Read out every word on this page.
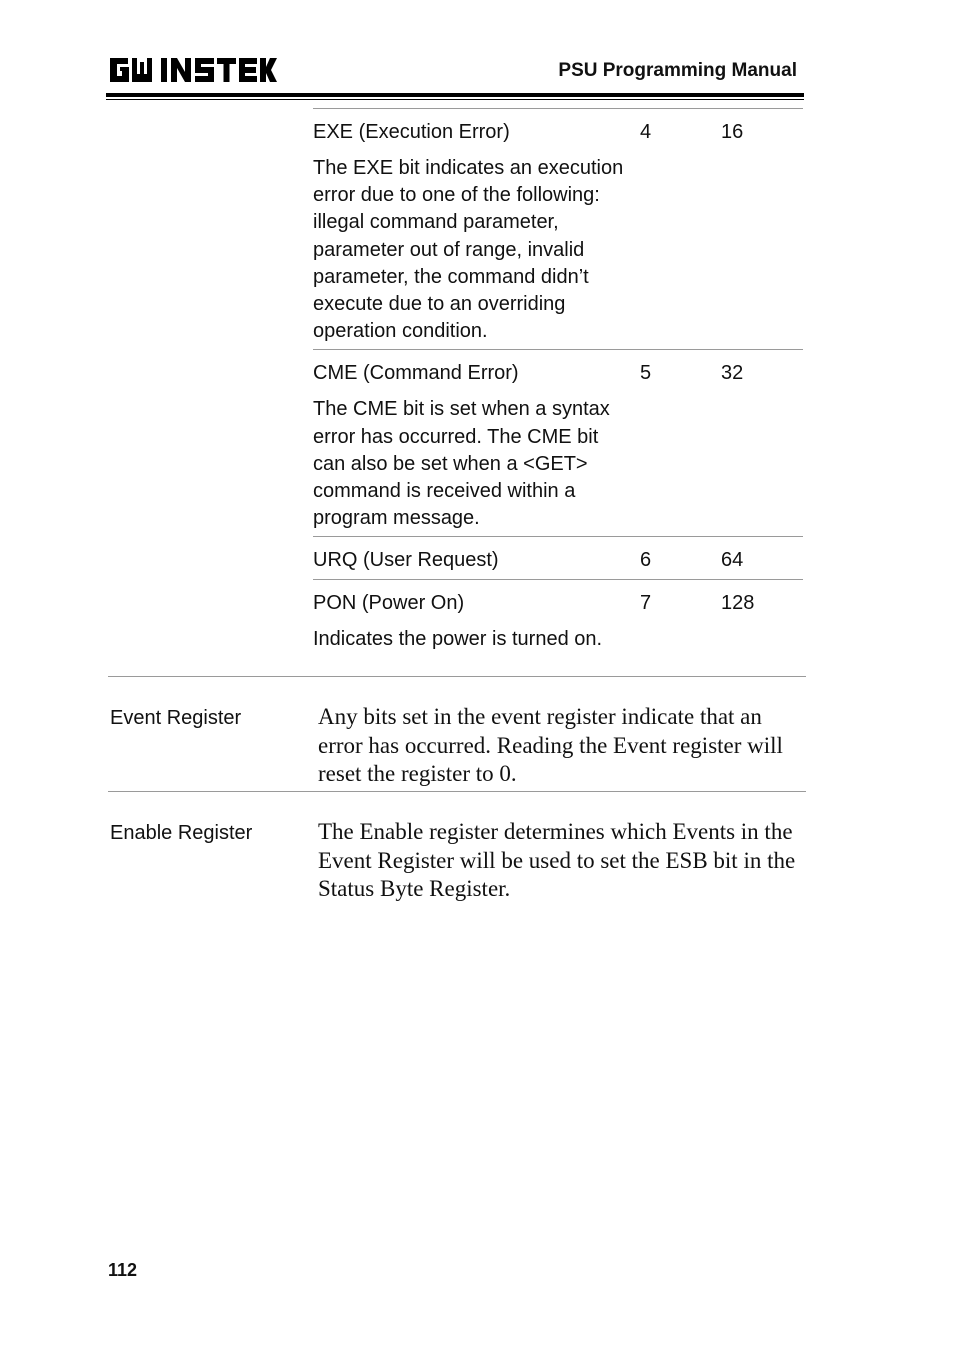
PSU Programming Manual
EXE (Execution Error)	4	16

The EXE bit indicates an execution error due to one of the following: illegal command parameter, parameter out of range, invalid parameter, the command didn’t execute due to an overriding operation condition.

CME (Command Error)	5	32

The CME bit is set when a syntax error has occurred. The CME bit can also be set when a <GET> command is received within a program message.

URQ (User Request)	6	64
PON (Power On)	7	128

Indicates the power is turned on.

Event Register	Any bits set in the event register indicate that an error has occurred. Reading the Event register will reset the register to 0.
Enable Register	The Enable register determines which Events in the Event Register will be used to set the ESB bit in the Status Byte Register.
112
